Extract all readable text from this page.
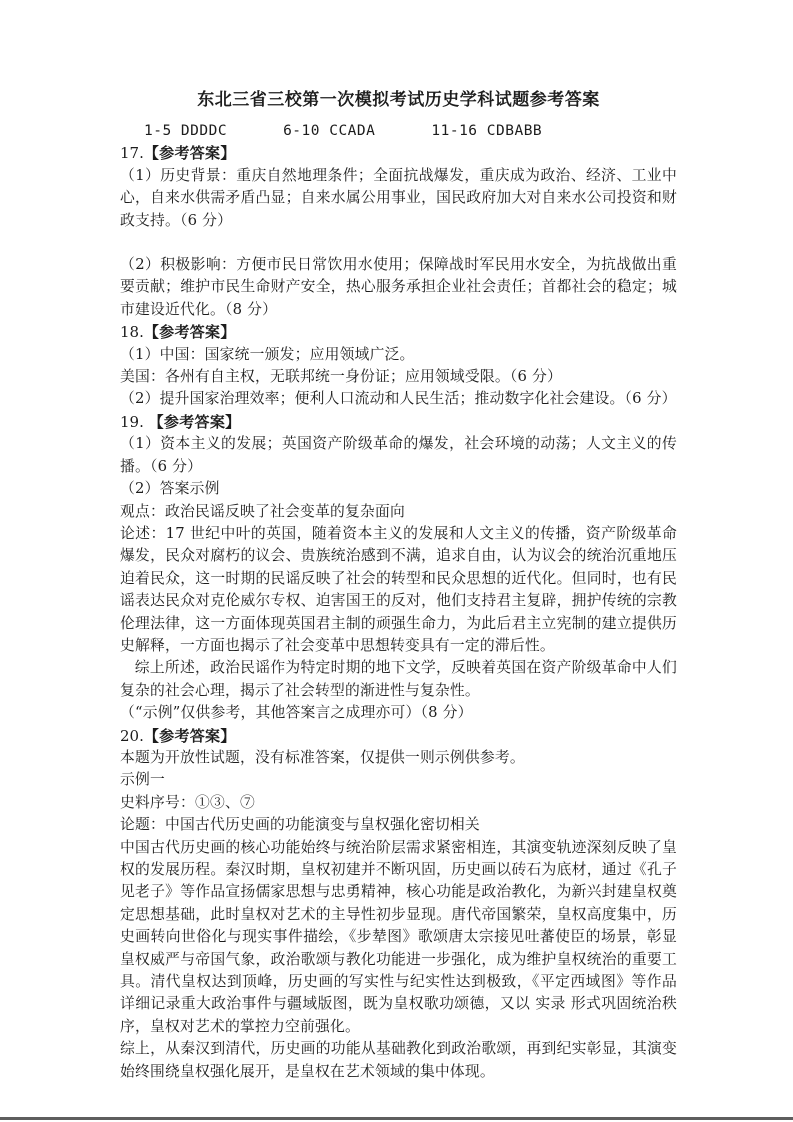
东北三省三校第一次模拟考试历史学科试题参考答案
1-5 DDDDC	6-10 CCADA	11-16 CDBABB
17.【参考答案】

（1）历史背景：重庆自然地理条件；全面抗战爆发，重庆成为政治、经济、工业中心，自来水供需矛盾凸显；自来水属公用事业，国民政府加大对自来水公司投资和财政支持。（6 分）

（2）积极影响：方便市民日常饮用水使用；保障战时军民用水安全，为抗战做出重要贡献；维护市民生命财产安全，热心服务承担企业社会责任；首都社会的稳定；城市建设近代化。（8 分）

18.【参考答案】

（1）中国：国家统一颁发；应用领域广泛。

美国：各州有自主权，无联邦统一身份证；应用领域受限。（6 分）

（2）提升国家治理效率；便利人口流动和人民生活；推动数字化社会建设。（6 分）

19. 【参考答案】

（1）资本主义的发展；英国资产阶级革命的爆发，社会环境的动荡；人文主义的传播。（6 分）

（2）答案示例

观点：政治民谣反映了社会变革的复杂面向

论述：17 世纪中叶的英国，随着资本主义的发展和人文主义的传播，资产阶级革命爆发，民众对腐朽的议会、贵族统治感到不满，追求自由，认为议会的统治沉重地压迫着民众，这一时期的民谣反映了社会的转型和民众思想的近代化。但同时，也有民谣表达民众对克伦威尔专权、迫害国王的反对，他们支持君主复辟，拥护传统的宗教伦理法律，这一方面体现英国君主制的顽强生命力，为此后君主立宪制的建立提供历史解释，一方面也揭示了社会变革中思想转变具有一定的滞后性。

综上所述，政治民谣作为特定时期的地下文学，反映着英国在资产阶级革命中人们复杂的社会心理，揭示了社会转型的渐进性与复杂性。

（“示例”仅供参考，其他答案言之成理亦可）（8 分）

20.【参考答案】

本题为开放性试题，没有标准答案，仅提供一则示例供参考。

示例一

史料序号：①③、⑦

论题：中国古代历史画的功能演变与皇权强化密切相关

中国古代历史画的核心功能始终与统治阶层需求紧密相连，其演变轨迹深刻反映了皇权的发展历程。秦汉时期，皇权初建并不断巩固，历史画以砖石为底材，通过《孔子见老子》等作品宣扬儒家思想与忠勇精神，核心功能是政治教化，为新兴封建皇权奠定思想基础，此时皇权对艺术的主导性初步显现。唐代帝国繁荣，皇权高度集中，历史画转向世俗化与现实事件描绘，《步辇图》歌颂唐太宗接见吐蕃使臣的场景，彰显皇权威严与帝国气象，政治歌颂与教化功能进一步强化，成为维护皇权统治的重要工具。清代皇权达到顶峰，历史画的写实性与纪实性达到极致，《平定西域图》等作品详细记录重大政治事件与疆域版图，既为皇权歌功颂德，又以 实录 形式巩固统治秩序，皇权对艺术的掌控力空前强化。

综上，从秦汉到清代，历史画的功能从基础教化到政治歌颂，再到纪实彰显，其演变始终围绕皇权强化展开，是皇权在艺术领域的集中体现。
